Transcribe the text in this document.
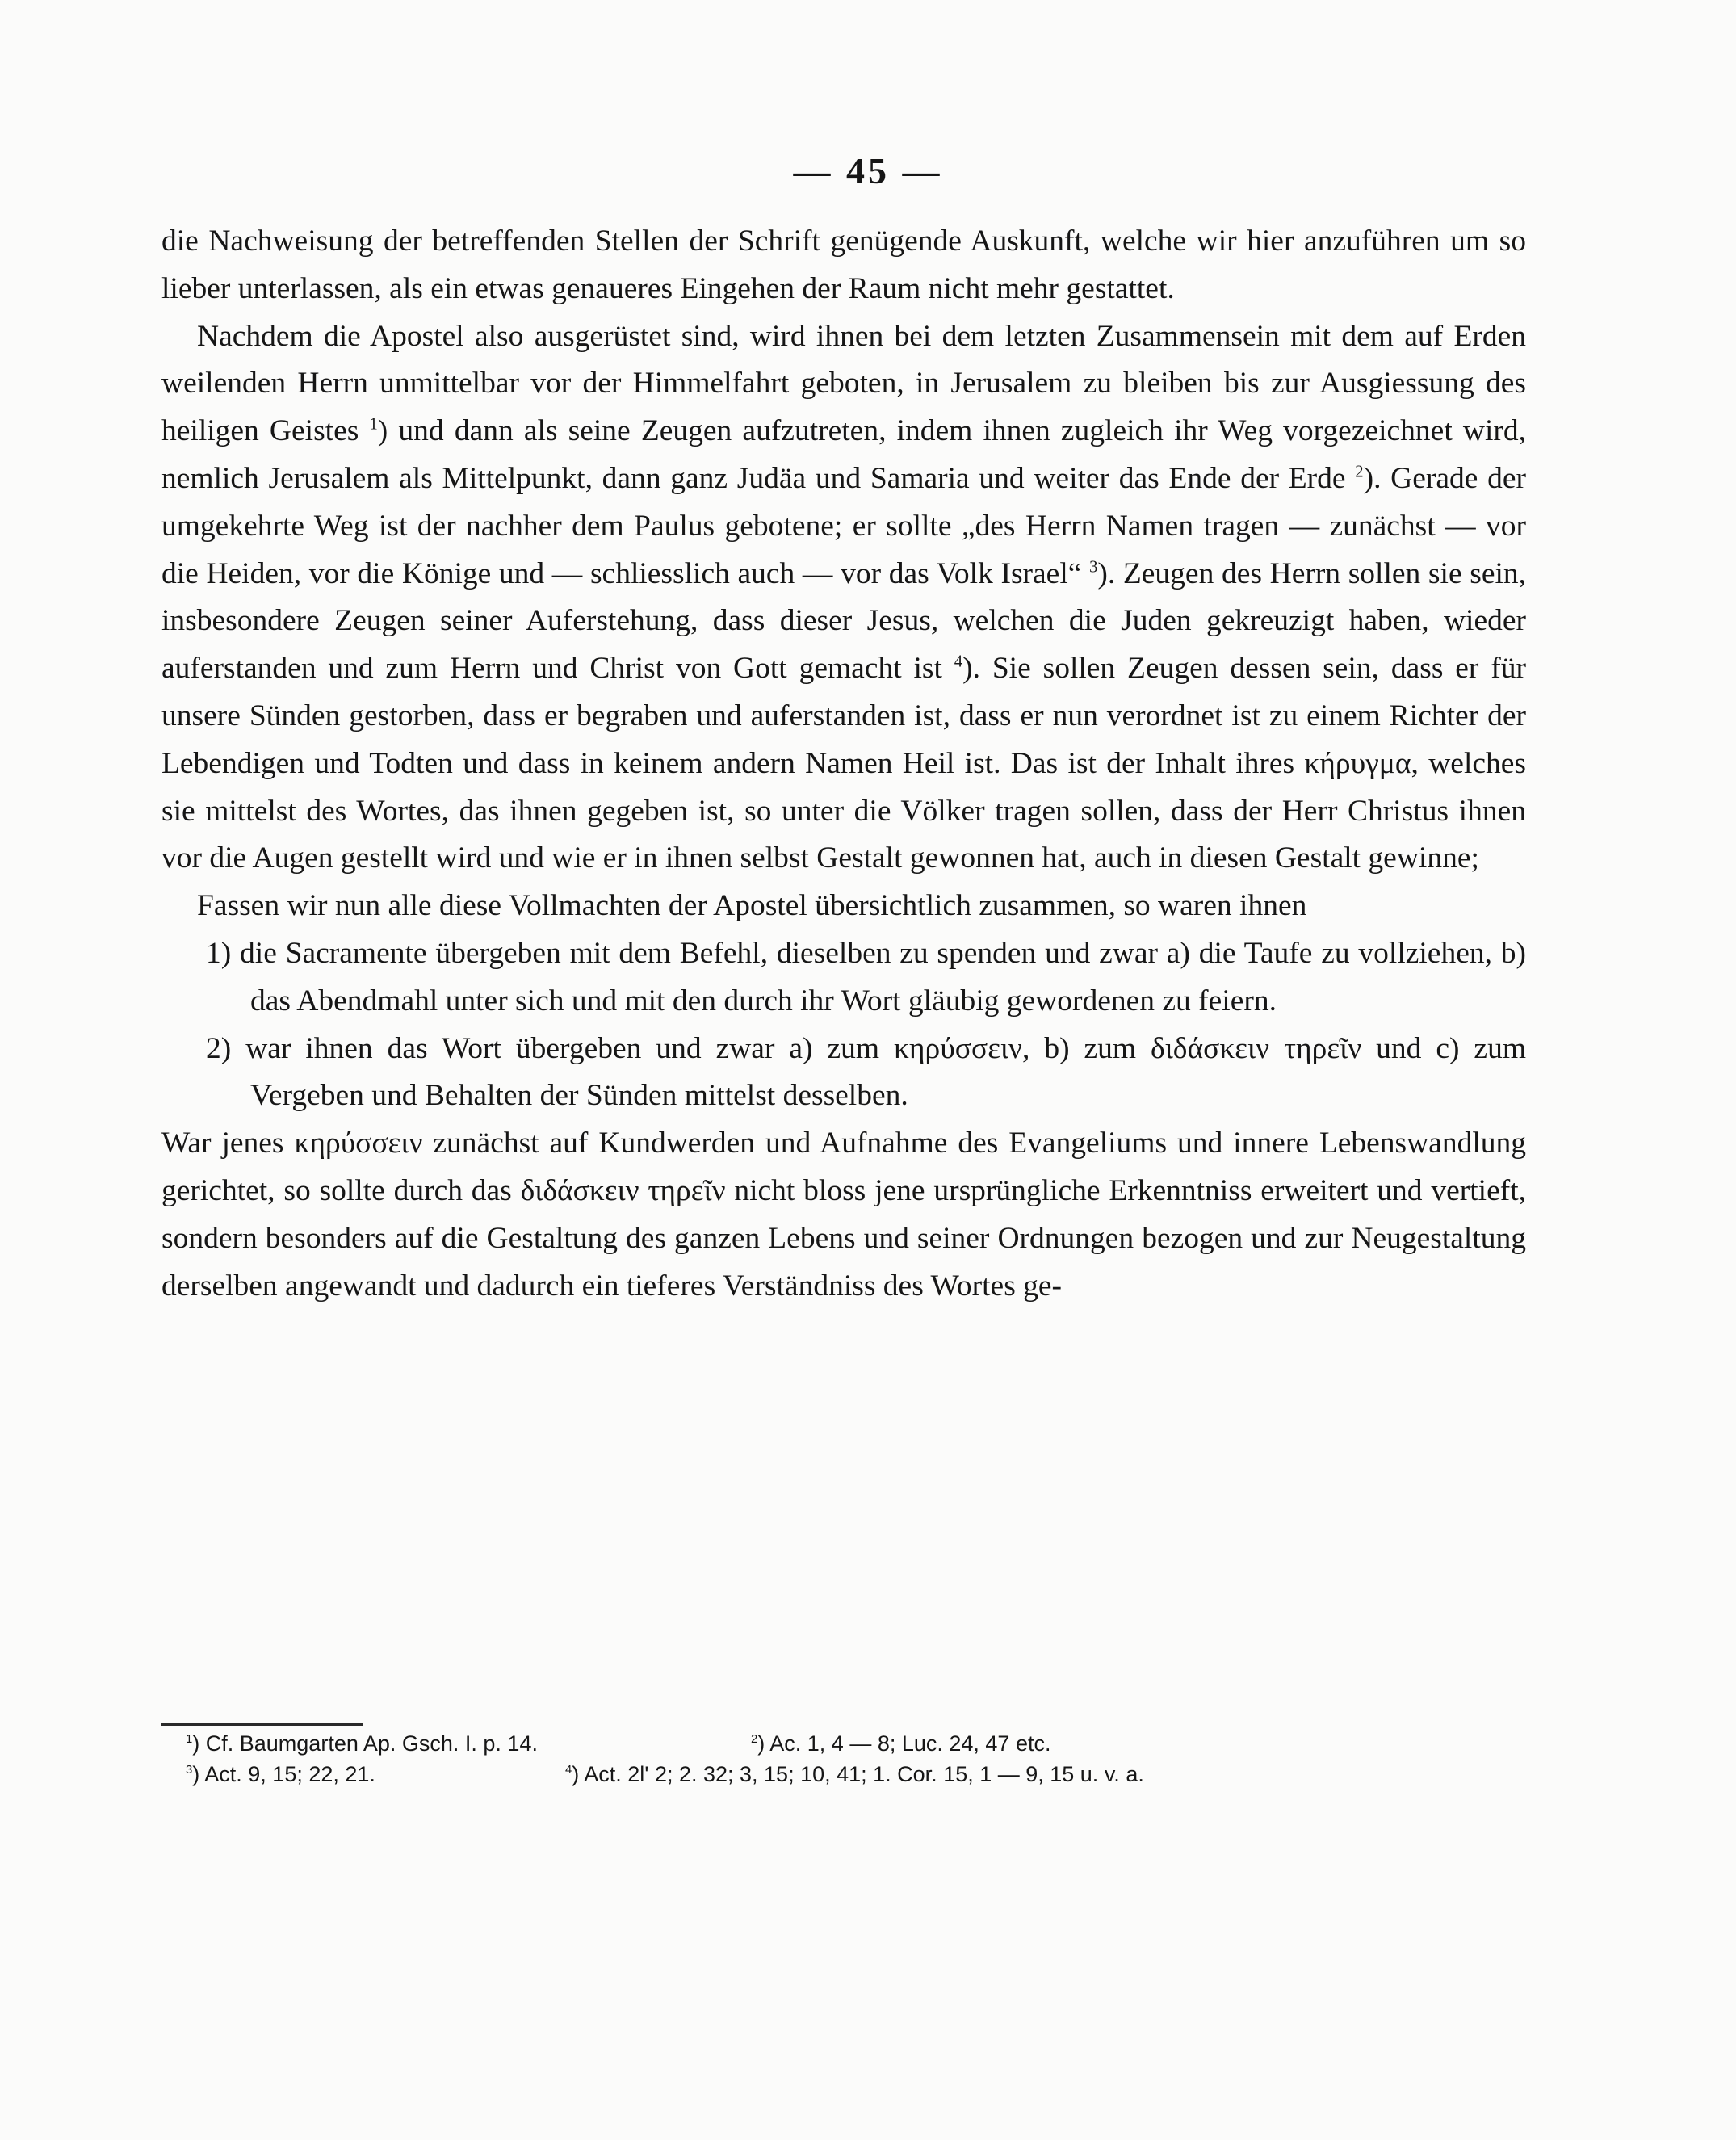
— 45 —

die Nachweisung der betreffenden Stellen der Schrift genügende Auskunft, welche wir hier anzuführen um so lieber unterlassen, als ein etwas genaueres Eingehen der Raum nicht mehr gestattet.

Nachdem die Apostel also ausgerüstet sind, wird ihnen bei dem letzten Zusammensein mit dem auf Erden weilenden Herrn unmittelbar vor der Himmelfahrt geboten, in Jerusalem zu bleiben bis zur Ausgiessung des heiligen Geistes $^1$) und dann als seine Zeugen aufzutreten, indem ihnen zugleich ihr Weg vorgezeichnet wird, nemlich Jerusalem als Mittelpunkt, dann ganz Judäa und Samaria und weiter das Ende der Erde $^2$). Gerade der umgekehrte Weg ist der nachher dem Paulus gebotene; er sollte „des Herrn Namen tragen — zunächst — vor die Heiden, vor die Könige und — schliesslich auch — vor das Volk Israel“ $^3$). Zeugen des Herrn sollen sie sein, insbesondere Zeugen seiner Auferstehung, dass dieser Jesus, welchen die Juden gekreuzigt haben, wieder auferstanden und zum Herrn und Christ von Gott gemacht ist $^4$). Sie sollen Zeugen dessen sein, dass er für unsere Sünden gestorben, dass er begraben und auferstanden ist, dass er nun verordnet ist zu einem Richter der Lebendigen und Todten und dass in keinem andern Namen Heil ist. Das ist der Inhalt ihres κήρυγμα, welches sie mittelst des Wortes, das ihnen gegeben ist, so unter die Völker tragen sollen, dass der Herr Christus ihnen vor die Augen gestellt wird und wie er in ihnen selbst Gestalt gewonnen hat, auch in diesen Gestalt gewinne;

Fassen wir nun alle diese Vollmachten der Apostel übersichtlich zusammen, so waren ihnen

1) die Sacramente übergeben mit dem Befehl, dieselben zu spenden und zwar a) die Taufe zu vollziehen, b) das Abendmahl unter sich und mit den durch ihr Wort gläubig gewordenen zu feiern.

2) war ihnen das Wort übergeben und zwar a) zum κηρύσσειν, b) zum διδάσκειν τηρεῖν und c) zum Vergeben und Behalten der Sünden mittelst desselben.

War jenes κηρύσσειν zunächst auf Kundwerden und Aufnahme des Evangeliums und innere Lebenswandlung gerichtet, so sollte durch das διδάσκειν τηρεῖν nicht bloss jene ursprüngliche Erkenntniss erweitert und vertieft, sondern besonders auf die Gestaltung des ganzen Lebens und seiner Ordnungen bezogen und zur Neugestaltung derselben angewandt und dadurch ein tieferes Verständniss des Wortes ge-

$^1$) Cf. Baumgarten Ap. Gsch. I. p. 14.	$^2$) Ac. 1, 4 — 8; Luc. 24, 47 etc.
$^3$) Act. 9, 15; 22, 21.	$^4$) Act. 2l' 2; 2. 32; 3, 15; 10, 41; 1. Cor. 15, 1 — 9, 15 u. v. a.
